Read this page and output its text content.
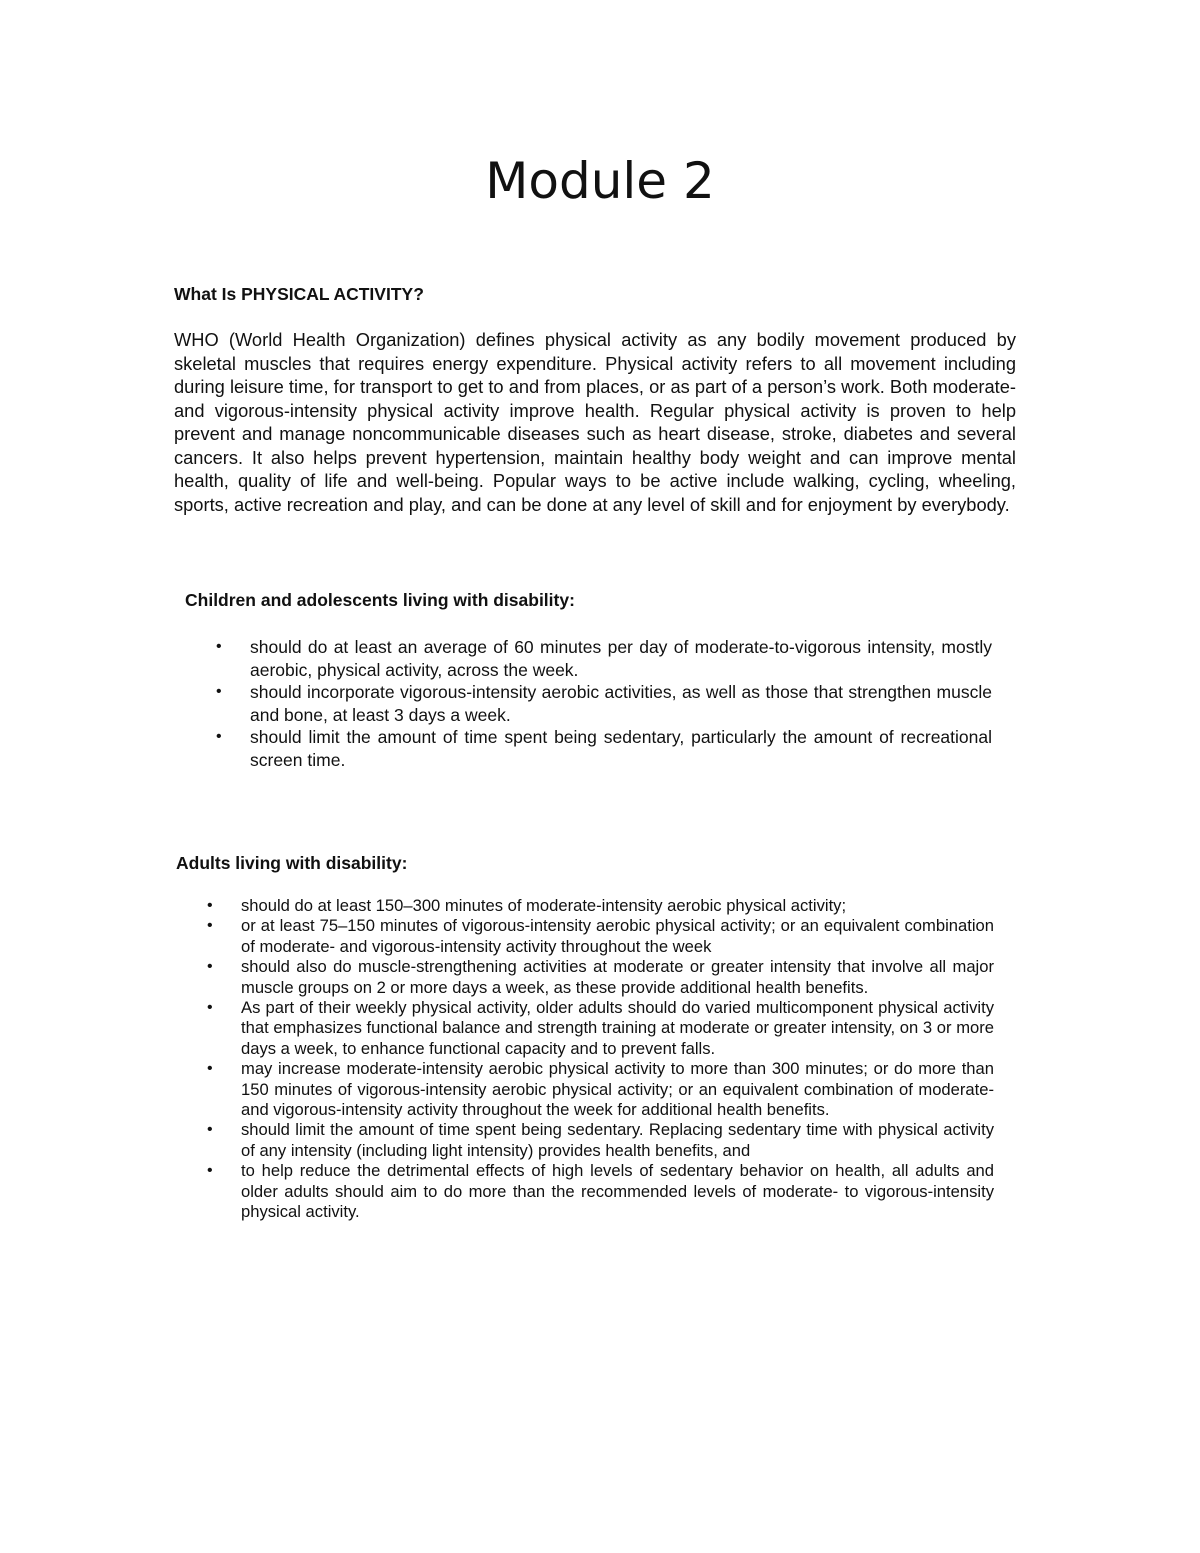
Module 2
What Is PHYSICAL ACTIVITY?

WHO (World Health Organization) defines physical activity as any bodily movement produced by skeletal muscles that requires energy expenditure. Physical activity refers to all movement including during leisure time, for transport to get to and from places, or as part of a person’s work. Both moderate- and vigorous-intensity physical activity improve health. Regular physical activity is proven to help prevent and manage noncommunicable diseases such as heart disease, stroke, diabetes and several cancers. It also helps prevent hypertension, maintain healthy body weight and can improve mental health, quality of life and well-being. Popular ways to be active include walking, cycling, wheeling, sports, active recreation and play, and can be done at any level of skill and for enjoyment by everybody.

Children and adolescents living with disability:
• should do at least an average of 60 minutes per day of moderate-to-vigorous intensity, mostly aerobic, physical activity, across the week.
• should incorporate vigorous-intensity aerobic activities, as well as those that strengthen muscle and bone, at least 3 days a week.
• should limit the amount of time spent being sedentary, particularly the amount of recreational screen time.
Adults living with disability:
• should do at least 150–300 minutes of moderate-intensity aerobic physical activity;
• or at least 75–150 minutes of vigorous-intensity aerobic physical activity; or an equivalent combination of moderate- and vigorous-intensity activity throughout the week
• should also do muscle-strengthening activities at moderate or greater intensity that involve all major muscle groups on 2 or more days a week, as these provide additional health benefits.
• As part of their weekly physical activity, older adults should do varied multicomponent physical activity that emphasizes functional balance and strength training at moderate or greater intensity, on 3 or more days a week, to enhance functional capacity and to prevent falls.
• may increase moderate-intensity aerobic physical activity to more than 300 minutes; or do more than 150 minutes of vigorous-intensity aerobic physical activity; or an equivalent combination of moderate- and vigorous-intensity activity throughout the week for additional health benefits.
• should limit the amount of time spent being sedentary. Replacing sedentary time with physical activity of any intensity (including light intensity) provides health benefits, and
• to help reduce the detrimental effects of high levels of sedentary behavior on health, all adults and older adults should aim to do more than the recommended levels of moderate- to vigorous-intensity physical activity.
